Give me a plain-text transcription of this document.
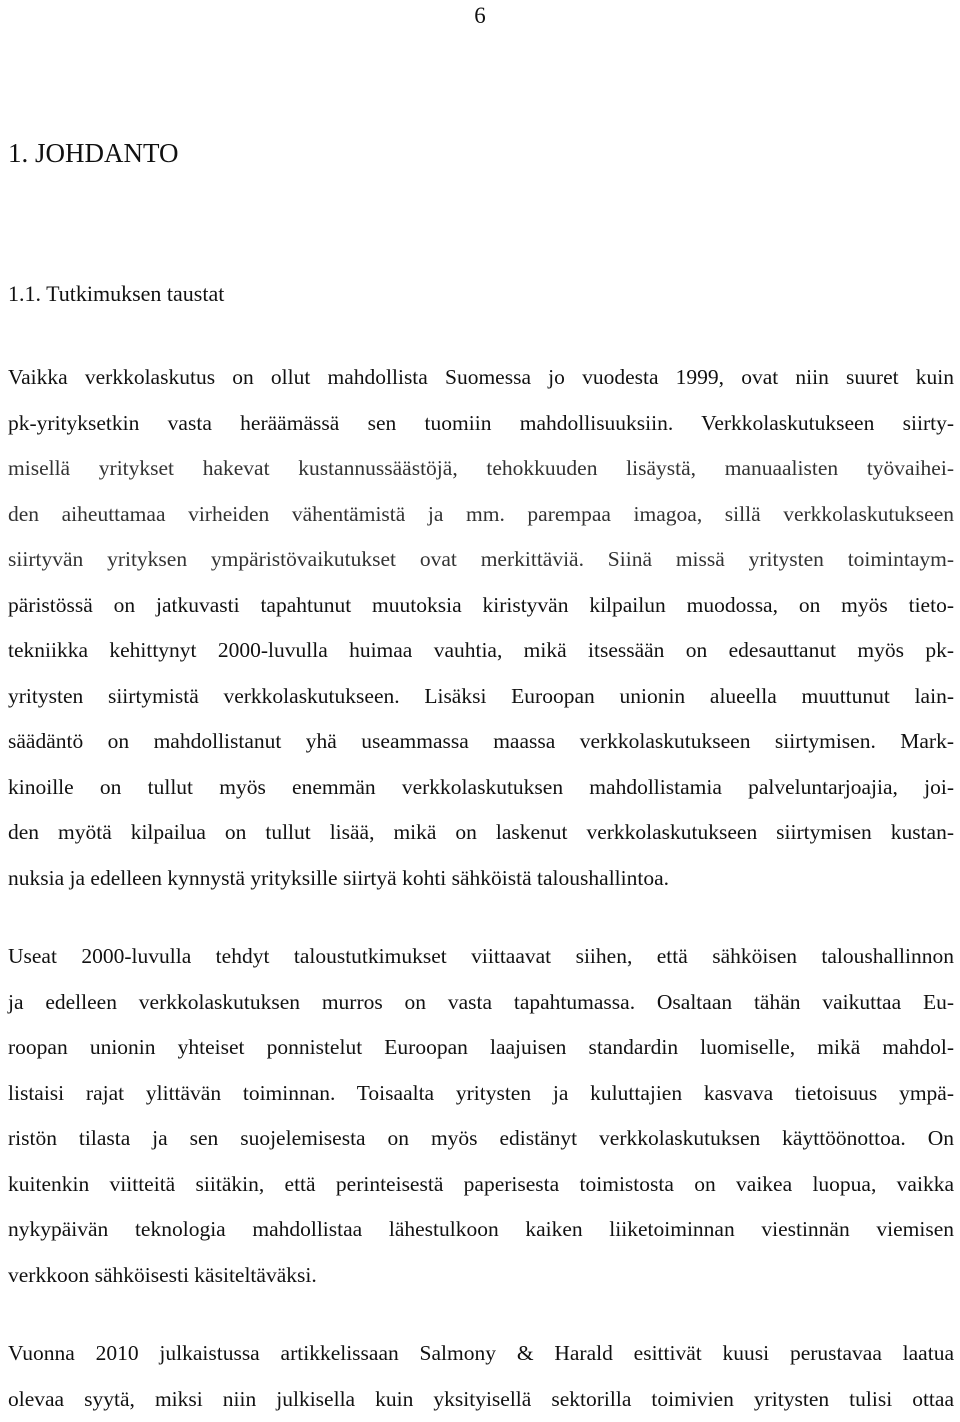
6
1. JOHDANTO
1.1. Tutkimuksen taustat
Vaikka verkkolaskutus on ollut mahdollista Suomessa jo vuodesta 1999, ovat niin suuret kuin
pk-yrityksetkin vasta heräämässä sen tuomiin mahdollisuuksiin. Verkkolaskutukseen siirty-
misellä yritykset hakevat kustannussäästöjä, tehokkuuden lisäystä, manuaalisten työvaihei-
den aiheuttamaa virheiden vähentämistä ja mm. parempaa imagoa, sillä verkkolaskutukseen
siirtyvän yrityksen ympäristövaikutukset ovat merkittäviä. Siinä missä yritysten toimintaym-
päristössä on jatkuvasti tapahtunut muutoksia kiristyvän kilpailun muodossa, on myös tieto-
tekniikka kehittynyt 2000-luvulla huimaa vauhtia, mikä itsessään on edesauttanut myös pk-
yritysten siirtymistä verkkolaskutukseen. Lisäksi Euroopan unionin alueella muuttunut lain-
säädäntö on mahdollistanut yhä useammassa maassa verkkolaskutukseen siirtymisen. Mark-
kinoille on tullut myös enemmän verkkolaskutuksen mahdollistamia palveluntarjoajia, joi-
den myötä kilpailua on tullut lisää, mikä on laskenut verkkolaskutukseen siirtymisen kustan-
nuksia ja edelleen kynnystä yrityksille siirtyä kohti sähköistä taloushallintoa.
Useat 2000-luvulla tehdyt taloustutkimukset viittaavat siihen, että sähköisen taloushallinnon
ja edelleen verkkolaskutuksen murros on vasta tapahtumassa. Osaltaan tähän vaikuttaa Eu-
roopan unionin yhteiset ponnistelut Euroopan laajuisen standardin luomiselle, mikä mahdol-
listaisi rajat ylittävän toiminnan. Toisaalta yritysten ja kuluttajien kasvava tietoisuus ympä-
ristön tilasta ja sen suojelemisesta on myös edistänyt verkkolaskutuksen käyttöönottoa. On
kuitenkin viitteitä siitäkin, että perinteisestä paperisesta toimistosta on vaikea luopua, vaikka
nykypäivän teknologia mahdollistaa lähestulkoon kaiken liiketoiminnan viestinnän viemisen
verkkoon sähköisesti käsiteltäväksi.
Vuonna 2010 julkaistussa artikkelissaan Salmony & Harald esittivät kuusi perustavaa laatua
olevaa syytä, miksi niin julkisella kuin yksityisellä sektorilla toimivien yritysten tulisi ottaa
